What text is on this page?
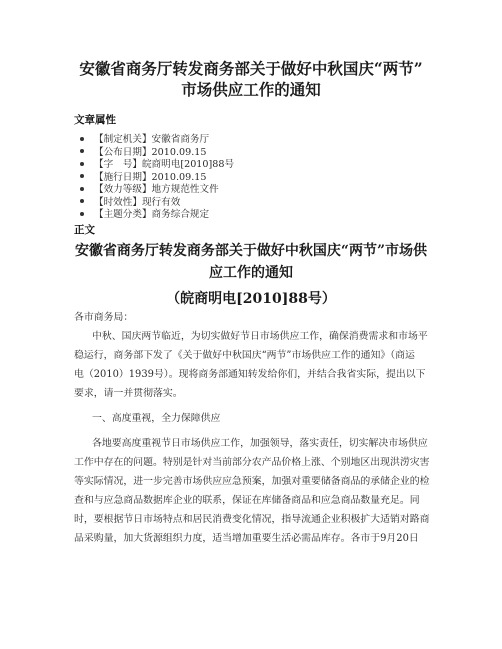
安徽省商务厅转发商务部关于做好中秋国庆“两节”
市场供应工作的通知
文章属性
【制定机关】安徽省商务厅
【公布日期】2010.09.15
【字　号】皖商明电[2010]88号
【施行日期】2010.09.15
【效力等级】地方规范性文件
【时效性】现行有效
【主题分类】商务综合规定
正文
安徽省商务厅转发商务部关于做好中秋国庆“两节”市场供
应工作的通知
（皖商明电[2010]88号）
各市商务局：
中秋、国庆两节临近，为切实做好节日市场供应工作，确保消费需求和市场平
稳运行，商务部下发了《关于做好中秋国庆“两节”市场供应工作的通知》（商运
电（2010）1939号）。现将商务部通知转发给你们，并结合我省实际，提出以下
要求，请一并贯彻落实。
一、高度重视，全力保障供应
各地要高度重视节日市场供应工作，加强领导，落实责任，切实解决市场供应
工作中存在的问题。特别是针对当前部分农产品价格上涨、个别地区出现洪涝灾害
等实际情况，进一步完善市场供应应急预案，加强对重要储备商品的承储企业的检
查和与应急商品数据库企业的联系，保证在库储备商品和应急商品数量充足。同
时，要根据节日市场特点和居民消费变化情况，指导流通企业积极扩大适销对路商
品采购量，加大货源组织力度，适当增加重要生活必需品库存。各市于9月20日
